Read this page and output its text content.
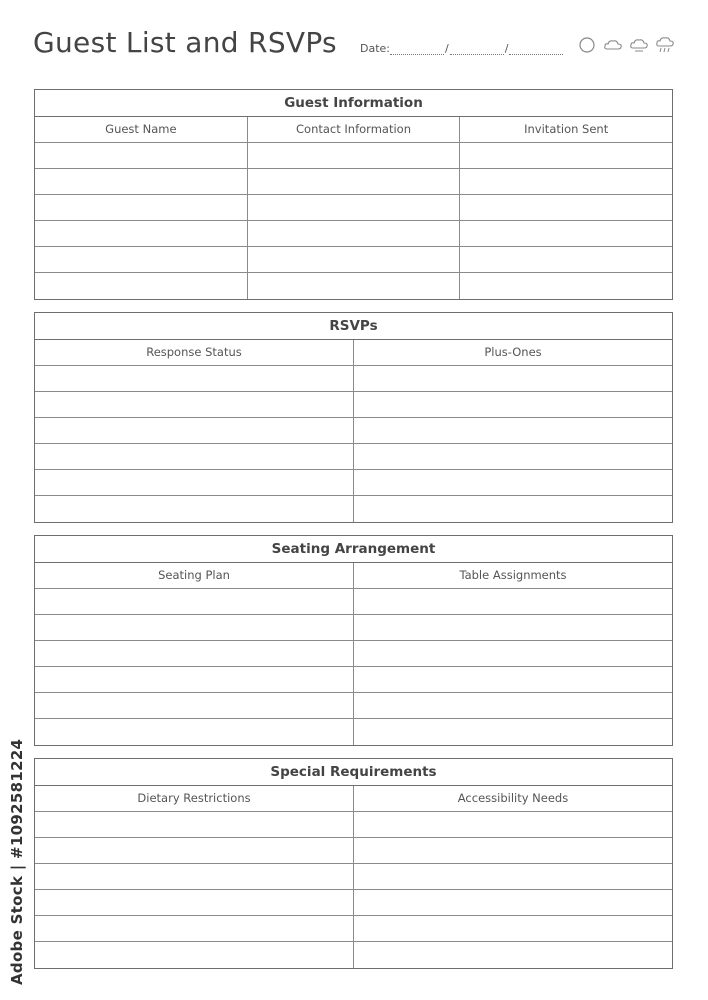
Guest List and RSVPs Date:	/	/
Guest Information
Guest Name	Contact Information	Invitation Sent
RSVPs
Response Status	Plus-Ones
Seating Arrangement
Seating Plan	Table Assignments
Special Requirements
Dietary Restrictions	Accessibility Needs
Adobe Stock | #1092581224
